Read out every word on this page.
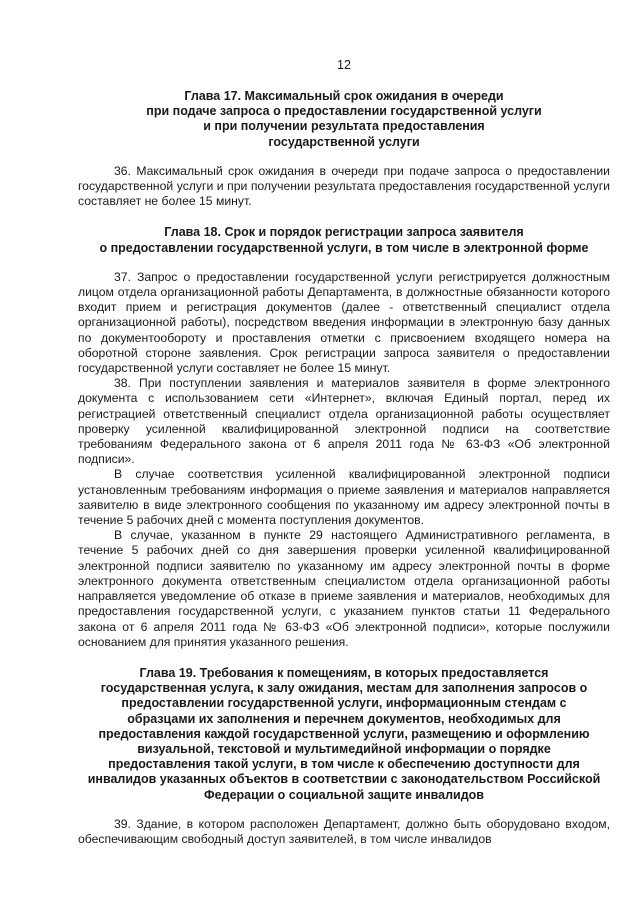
12

Глава 17. Максимальный срок ожидания в очереди
при подаче запроса о предоставлении государственной услуги
и при получении результата предоставления
государственной услуги

36. Максимальный срок ожидания в очереди при подаче запроса о предоставлении государственной услуги и при получении результата предоставления государственной услуги составляет не более 15 минут.

Глава 18. Срок и порядок регистрации запроса заявителя
о предоставлении государственной услуги, в том числе в электронной форме

37. Запрос о предоставлении государственной услуги регистрируется должностным лицом отдела организационной работы Департамента, в должностные обязанности которого входит прием и регистрация документов (далее - ответственный специалист отдела организационной работы), посредством введения информации в электронную базу данных по документообороту и проставления отметки с присвоением входящего номера на оборотной стороне заявления. Срок регистрации запроса заявителя о предоставлении государственной услуги составляет не более 15 минут.

38. При поступлении заявления и материалов заявителя в форме электронного документа с использованием сети «Интернет», включая Единый портал, перед их регистрацией ответственный специалист отдела организационной работы осуществляет проверку усиленной квалифицированной электронной подписи на соответствие требованиям Федерального закона от 6 апреля 2011 года № 63-ФЗ «Об электронной подписи».

В случае соответствия усиленной квалифицированной электронной подписи установленным требованиям информация о приеме заявления и материалов направляется заявителю в виде электронного сообщения по указанному им адресу электронной почты в течение 5 рабочих дней с момента поступления документов.

В случае, указанном в пункте 29 настоящего Административного регламента, в течение 5 рабочих дней со дня завершения проверки усиленной квалифицированной электронной подписи заявителю по указанному им адресу электронной почты в форме электронного документа ответственным специалистом отдела организационной работы направляется уведомление об отказе в приеме заявления и материалов, необходимых для предоставления государственной услуги, с указанием пунктов статьи 11 Федерального закона от 6 апреля 2011 года № 63-ФЗ «Об электронной подписи», которые послужили основанием для принятия указанного решения.

Глава 19. Требования к помещениям, в которых предоставляется
государственная услуга, к залу ожидания, местам для заполнения запросов о
предоставлении государственной услуги, информационным стендам с
образцами их заполнения и перечнем документов, необходимых для
предоставления каждой государственной услуги, размещению и оформлению
визуальной, текстовой и мультимедийной информации о порядке
предоставления такой услуги, в том числе к обеспечению доступности для
инвалидов указанных объектов в соответствии с законодательством Российской
Федерации о социальной защите инвалидов

39. Здание, в котором расположен Департамент, должно быть оборудовано входом, обеспечивающим свободный доступ заявителей, в том числе инвалидов
